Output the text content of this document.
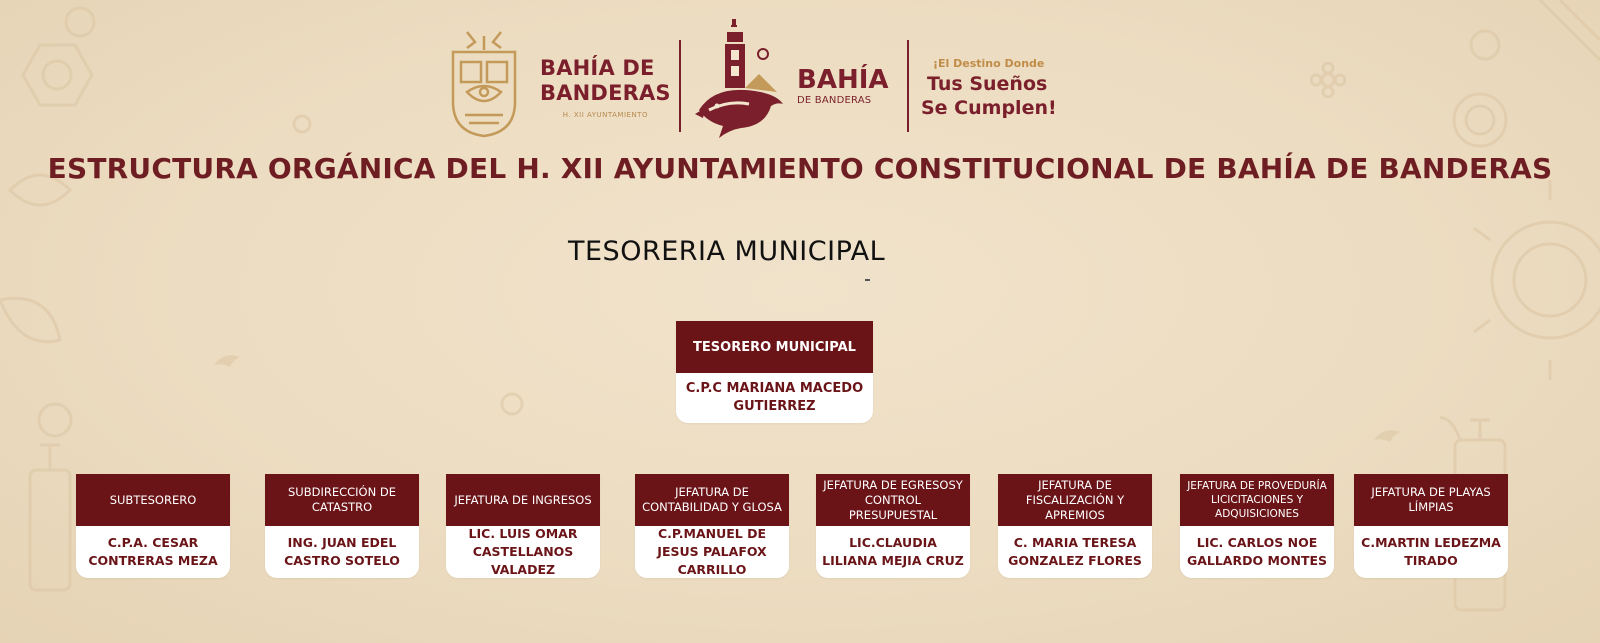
BAHÍA DE
BANDERAS
H. XII AYUNTAMIENTO
BAHÍA
DE BANDERAS
¡El Destino Donde
Tus Sueños
Se Cumplen!
ESTRUCTURA ORGÁNICA DEL H. XII AYUNTAMIENTO CONSTITUCIONAL DE BAHÍA DE BANDERAS
TESORERIA MUNICIPAL
TESORERO MUNICIPAL
C.P.C MARIANA MACEDO GUTIERREZ
SUBTESORERO
C.P.A. CESAR CONTRERAS MEZA
SUBDIRECCIÓN DE CATASTRO
ING. JUAN EDEL CASTRO SOTELO
JEFATURA DE INGRESOS
LIC. LUIS OMAR CASTELLANOS VALADEZ
JEFATURA DE CONTABILIDAD Y GLOSA
C.P.MANUEL DE JESUS PALAFOX CARRILLO
JEFATURA DE EGRESOSY CONTROL PRESUPUESTAL
LIC.CLAUDIA LILIANA MEJIA CRUZ
JEFATURA DE FISCALIZACIÓN Y APREMIOS
C. MARIA TERESA GONZALEZ FLORES
JEFATURA DE PROVEDURÍA LICICITACIONES Y ADQUISICIONES
LIC. CARLOS NOE GALLARDO MONTES
JEFATURA DE PLAYAS LÍMPIAS
C.MARTIN LEDEZMA TIRADO
